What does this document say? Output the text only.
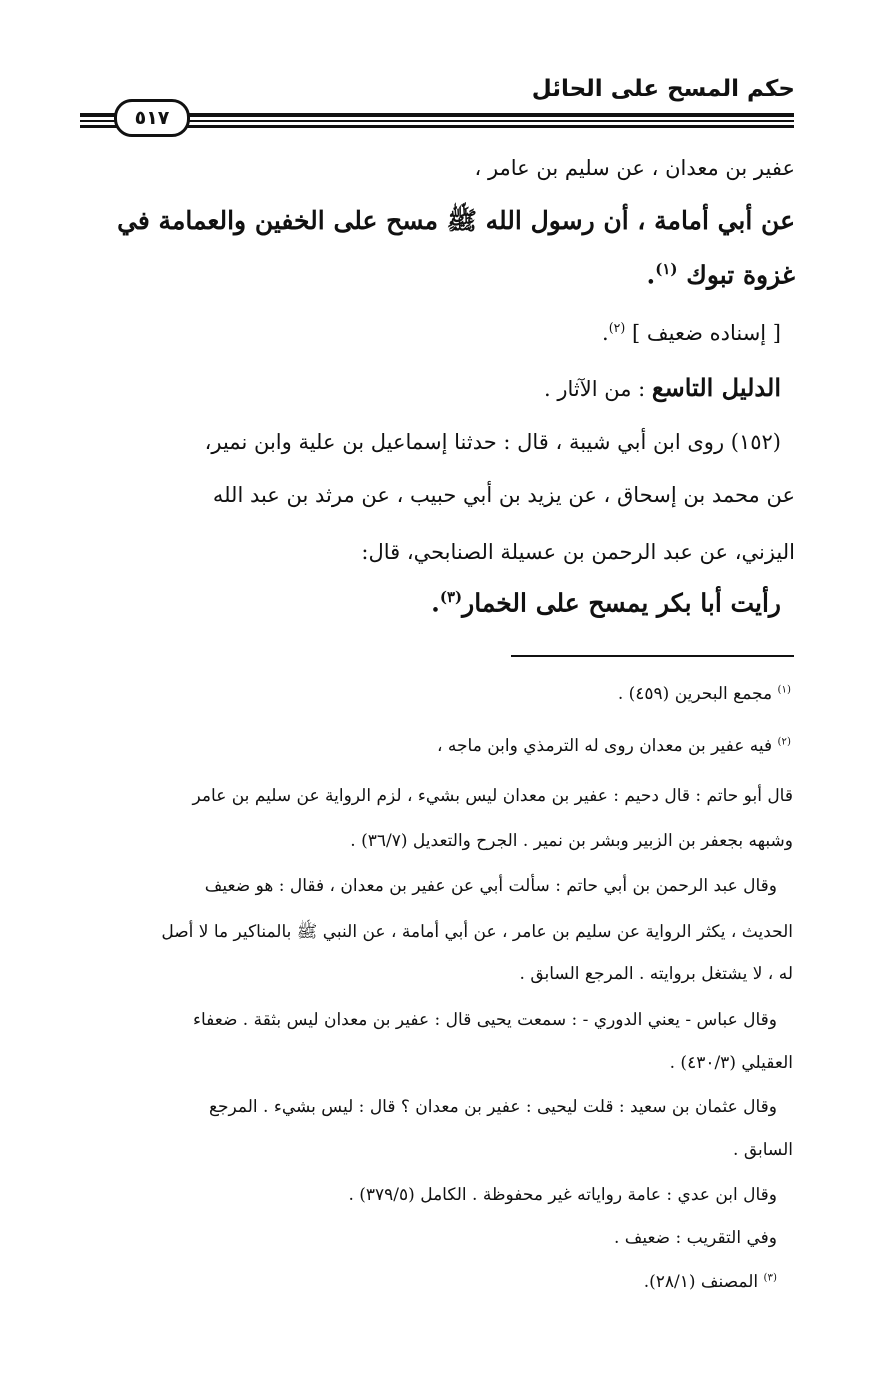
حكم المسح على الحائل
٥١٧
عفير بن معدان ، عن سليم بن عامر ،
عن أبي أمامة ، أن رسول الله ﷺ مسح على الخفين والعمامة في
غزوة تبوك $^{(١)}$.
[ إسناده ضعيف ] $^{(٢)}$.
الدليل التاسع : من الآثار .
(١٥٢) روى ابن أبي شيبة ، قال : حدثنا إسماعيل بن علية وابن نمير،
عن محمد بن إسحاق ، عن يزيد بن أبي حبيب ، عن مرثد بن عبد الله
اليزني، عن عبد الرحمن بن عسيلة الصنابحي، قال:
رأيت أبا بكر يمسح على الخمار$^{(٣)}$.
$^{(١)}$ مجمع البحرين (٤٥٩) .
$^{(٢)}$ فيه عفير بن معدان روى له الترمذي وابن ماجه ،
قال أبو حاتم : قال دحيم : عفير بن معدان ليس بشيء ، لزم الرواية عن سليم بن عامر
وشبهه بجعفر بن الزبير وبشر بن نمير . الجرح والتعديل (٣٦/٧) .
وقال عبد الرحمن بن أبي حاتم : سألت أبي عن عفير بن معدان ، فقال : هو ضعيف
الحديث ، يكثر الرواية عن سليم بن عامر ، عن أبي أمامة ، عن النبي ﷺ بالمناكير ما لا أصل
له ، لا يشتغل بروايته . المرجع السابق .
وقال عباس - يعني الدوري - : سمعت يحيى قال : عفير بن معدان ليس بثقة . ضعفاء
العقيلي (٤٣٠/٣) .
وقال عثمان بن سعيد : قلت ليحيى : عفير بن معدان ؟ قال : ليس بشيء . المرجع
السابق .
وقال ابن عدي : عامة رواياته غير محفوظة . الكامل (٣٧٩/٥) .
وفي التقريب : ضعيف .
$^{(٣)}$ المصنف (٢٨/١).
